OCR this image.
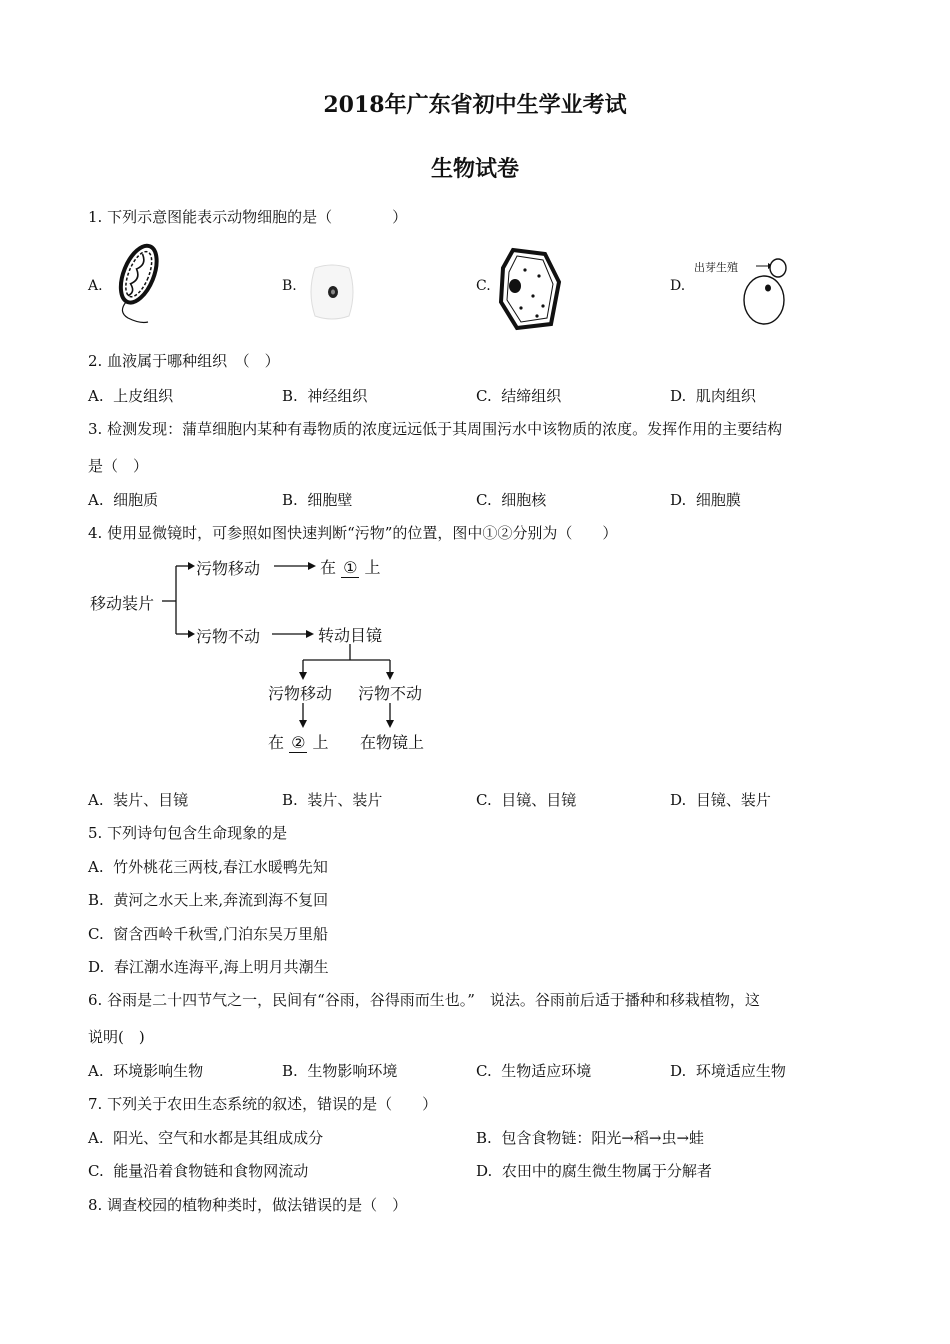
2018年广东省初中生学业考试
生物试卷
1. 下列示意图能表示动物细胞的是（　　　　）
A.	B.	C.	D.
出芽生殖
2. 血液属于哪种组织　（　）
A. 上皮组织	B. 神经组织	C. 结缔组织	D. 肌肉组织
3. 检测发现：蒲草细胞内某种有毒物质的浓度远远低于其周围污水中该物质的浓度。发挥作用的主要结构
是（　）
A. 细胞质	B. 细胞壁	C. 细胞核	D. 细胞膜
4. 使用显微镜时，可参照如图快速判断“污物”的位置，图中①②分别为（　　）
移动装片
污物移动	在 ① 上
污物不动	转动目镜
污物移动 污物不动
在 ② 上 在物镜上
A. 装片、目镜	B. 装片、装片	C. 目镜、目镜	D. 目镜、装片
5. 下列诗句包含生命现象的是
A. 竹外桃花三两枝,春江水暖鸭先知
B. 黄河之水天上来,奔流到海不复回
C. 窗含西岭千秋雪,门泊东吴万里船
D. 春江潮水连海平,海上明月共潮生
6. 谷雨是二十四节气之一，民间有“谷雨，谷得雨而生也。”　说法。谷雨前后适于播种和移栽植物，这
说明(　)
A. 环境影响生物	B. 生物影响环境	C. 生物适应环境	D. 环境适应生物
7. 下列关于农田生态系统的叙述，错误的是（　　）
A. 阳光、空气和水都是其组成成分	B. 包含食物链：阳光→稻→虫→蛙
C. 能量沿着食物链和食物网流动	D. 农田中的腐生微生物属于分解者
8. 调查校园的植物种类时，做法错误的是（　）
